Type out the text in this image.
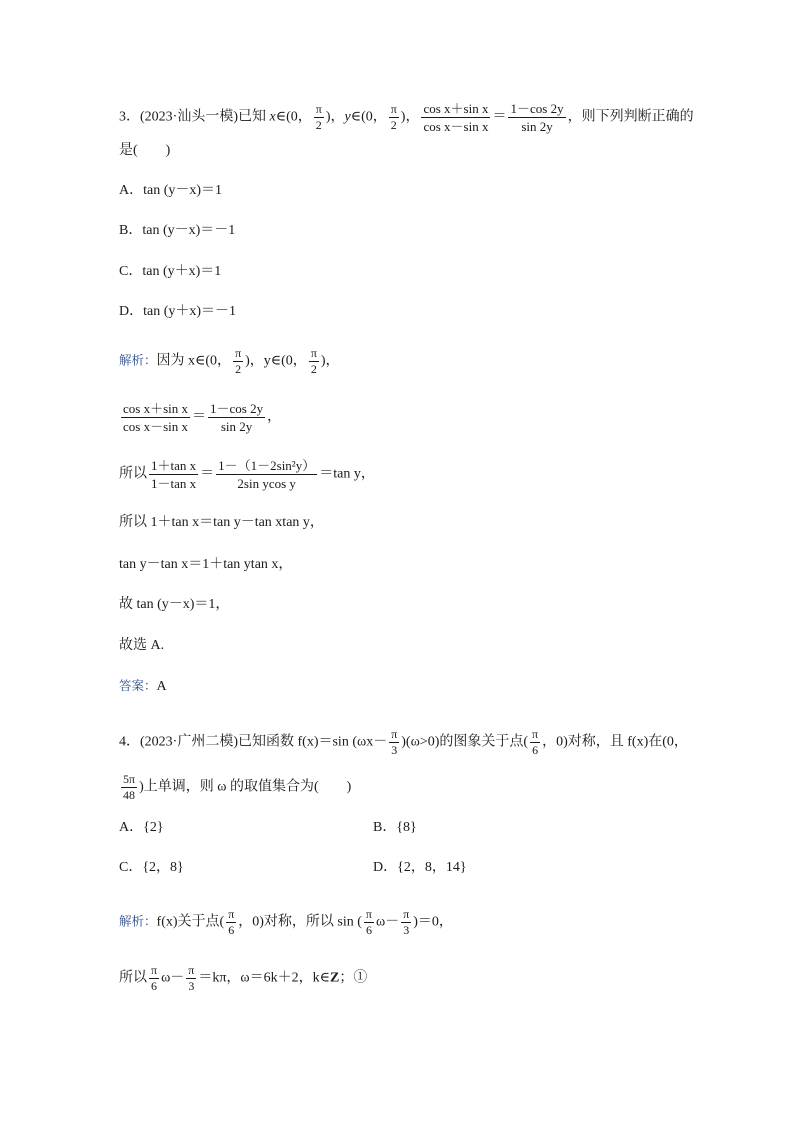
3．(2023·汕头一模)已知 x∈(0， $\frac{\pi}{2}$ )，y∈(0， $\frac{\pi}{2}$ )， $\frac{\text{cos x＋sin x}}{\text{cos x－sin x}} = \frac{1-\cos 2y}{\sin 2y}$ ，则下列判断正确的
是(　　)
A．tan (y－x)＝1
B．tan (y－x)＝－1
C．tan (y＋x)＝1
D．tan (y＋x)＝－1
解析：因为 x∈(0， $\frac{\pi}{2}$ )，y∈(0， $\frac{\pi}{2}$ )，
$\frac{\text{cos x＋sin x}}{\text{cos x－sin x}} = \frac{1-\cos 2y}{\sin 2y}$ ，
所以 $\frac{\text{1＋tan x}}{\text{1－tan x}} = \frac{\text{1－（1－2sin²y）}}{\text{2sin ycos y}} =\tan$ y，
所以 1＋tan x＝tan y－tan xtan y，
tan y－tan x＝1＋tan ytan x，
故 tan (y－x)＝1，
故选 A.
答案：A
4．(2023·广州二模)已知函数 f(x)＝sin $(\omega x- \frac{\pi}{3} )(\omega>0)$的图象关于点( $\frac{\pi}{6}$ ，0)对称，且 f(x)在(0，
$\frac{5\pi}{48}$ )上单调，则 ω 的取值集合为(　　)
A．{2}	B．{8}
C．{2，8}	D．{2，8，14}
解析：f(x)关于点( $\frac{\pi}{6}$ ，0)对称，所以 sin ( $\frac{\pi}{6} \omega- \frac{\pi}{3} )=0$，
所以 $\frac{\pi}{6} \omega- \frac{\pi}{3} =k\pi$，ω＝6k＋2，k∈Z；①
